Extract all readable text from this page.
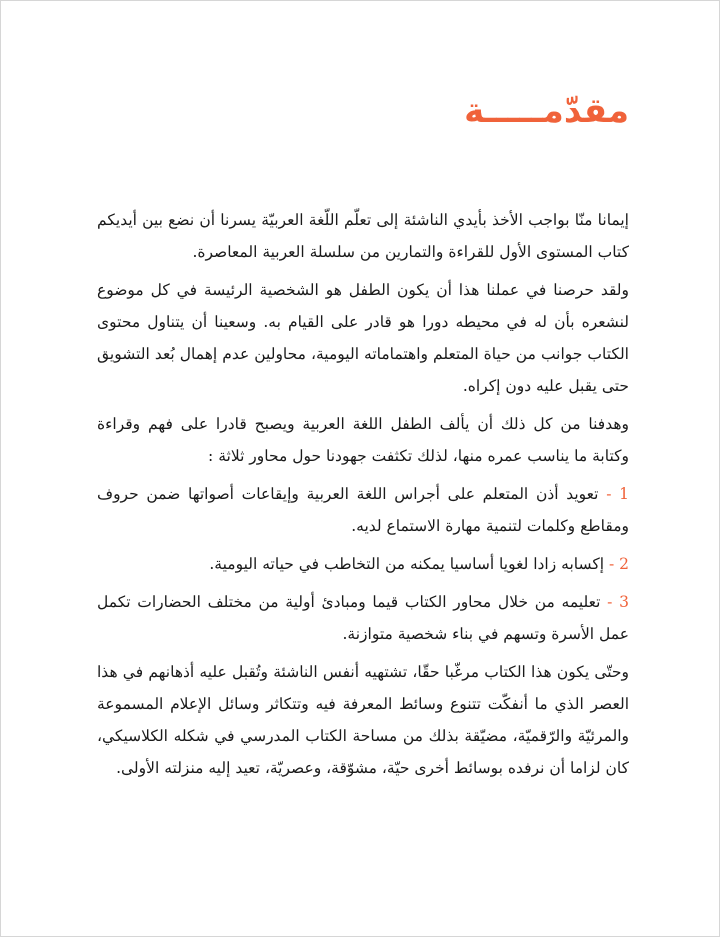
مقدّمـــــة

إيمانا منّا بواجب الأخذ بأيدي الناشئة إلى تعلّم اللّغة العربيّة يسرنا أن نضع بين أيديكم كتاب المستوى الأول للقراءة والتمارين من سلسلة العربية المعاصرة.

ولقد حرصنا في عملنا هذا أن يكون الطفل هو الشخصية الرئيسة في كل موضوع لنشعره بأن له في محيطه دورا هو قادر على القيام به. وسعينا أن يتناول محتوى الكتاب جوانب من حياة المتعلم واهتماماته اليومية، محاولين عدم إهمال بُعد التشويق حتى يقبل عليه دون إكراه.

وهدفنا من كل ذلك أن يألف الطفل اللغة العربية ويصبح قادرا على فهم وقراءة وكتابة ما يناسب عمره منها، لذلك تكثفت جهودنا حول محاور ثلاثة :

1 - تعويد أذن المتعلم على أجراس اللغة العربية وإيقاعات أصواتها ضمن حروف ومقاطع وكلمات لتنمية مهارة الاستماع لديه.

2 - إكسابه زادا لغويا أساسيا يمكنه من التخاطب في حياته اليومية.

3 - تعليمه من خلال محاور الكتاب قيما ومبادئ أولية من مختلف الحضارات تكمل عمل الأسرة وتسهم في بناء شخصية متوازنة.

وحتّى يكون هذا الكتاب مرغّبا حقّا، تشتهيه أنفس الناشئة وتُقبل عليه أذهانهم في هذا العصر الذي ما أنفكّت تتنوع وسائط المعرفة فيه وتتكاثر وسائل الإعلام المسموعة والمرئيّة والرّقميّة، مضيّقة بذلك من مساحة الكتاب المدرسي في شكله الكلاسيكي، كان لزاما أن نرفده بوسائط أخرى حيّة، مشوّقة، وعصريّة، تعيد إليه منزلته الأولى.
